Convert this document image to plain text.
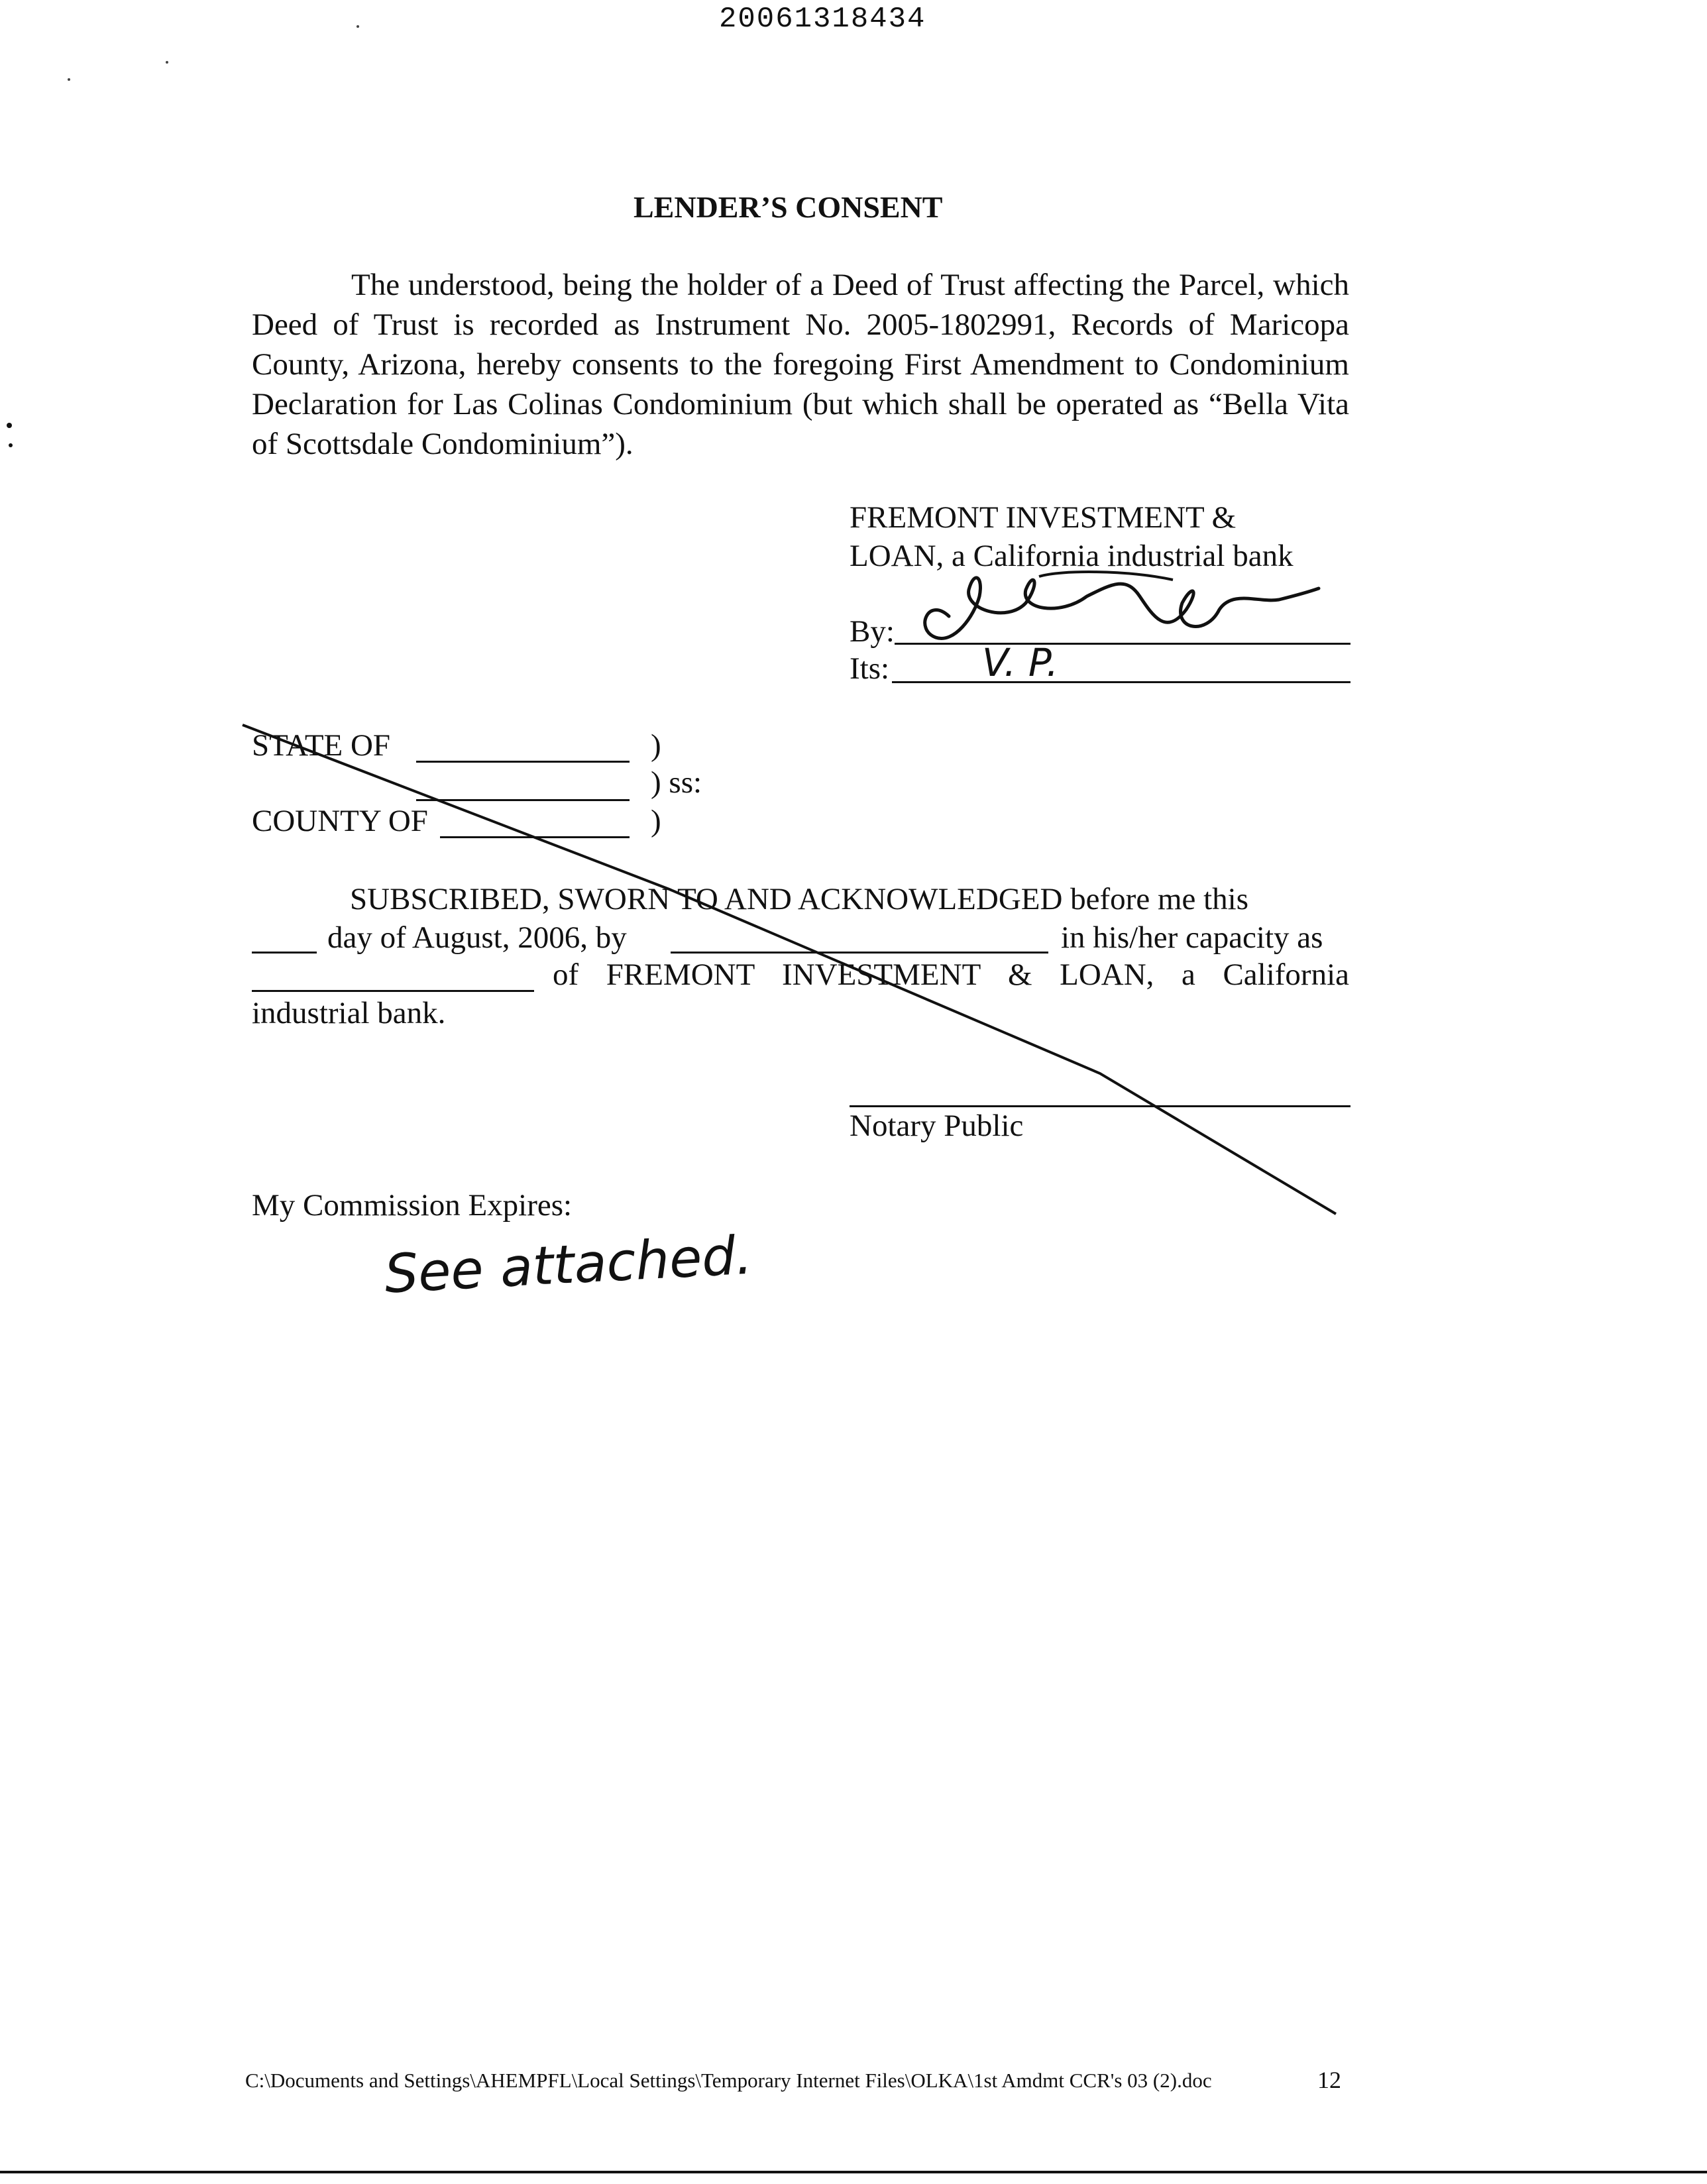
20061318434
LENDER’S CONSENT

The understood, being the holder of a Deed of Trust affecting the Parcel, which Deed of Trust is recorded as Instrument No. 2005-1802991, Records of Maricopa County, Arizona, hereby consents to the foregoing First Amendment to Condominium Declaration for Las Colinas Condominium (but which shall be operated as “Bella Vita of Scottsdale Condominium”).

FREMONT INVESTMENT &
LOAN, a California industrial bank
By:
Its: V. P.
STATE OF	)
) ss:
COUNTY OF	)
SUBSCRIBED, SWORN TO AND ACKNOWLEDGED before me this
day of August, 2006, by	in his/her capacity as
of FREMONT INVESTMENT & LOAN, a California
industrial bank.
Notary Public
My Commission Expires:
See attached.
C:\Documents and Settings\AHEMPFL\Local Settings\Temporary Internet Files\OLKA\1st Amdmt CCR's 03 (2).doc	12
